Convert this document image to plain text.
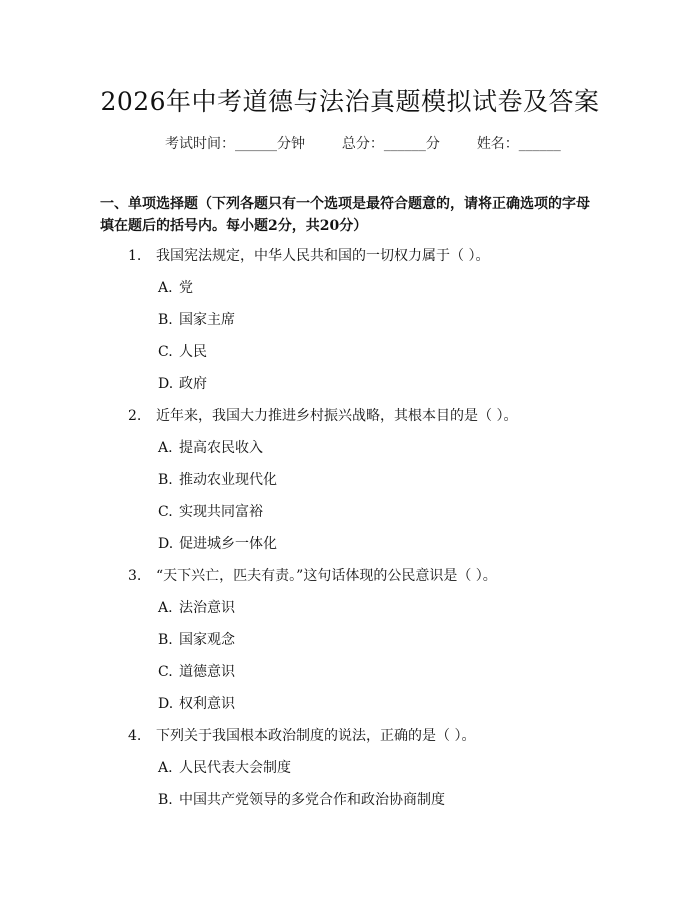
2026年中考道德与法治真题模拟试卷及答案
考试时间：______分钟	总分：______分	姓名：______
一、单项选择题（下列各题只有一个选项是最符合题意的，请将正确选项的字母
填在题后的括号内。每小题2分，共20分）
1. 我国宪法规定，中华人民共和国的一切权力属于（ ）。
A. 党
B. 国家主席
C. 人民
D. 政府
2. 近年来，我国大力推进乡村振兴战略，其根本目的是（ ）。
A. 提高农民收入
B. 推动农业现代化
C. 实现共同富裕
D. 促进城乡一体化
3. “天下兴亡，匹夫有责。”这句话体现的公民意识是（ ）。
A. 法治意识
B. 国家观念
C. 道德意识
D. 权利意识
4. 下列关于我国根本政治制度的说法，正确的是（ ）。
A. 人民代表大会制度
B. 中国共产党领导的多党合作和政治协商制度
